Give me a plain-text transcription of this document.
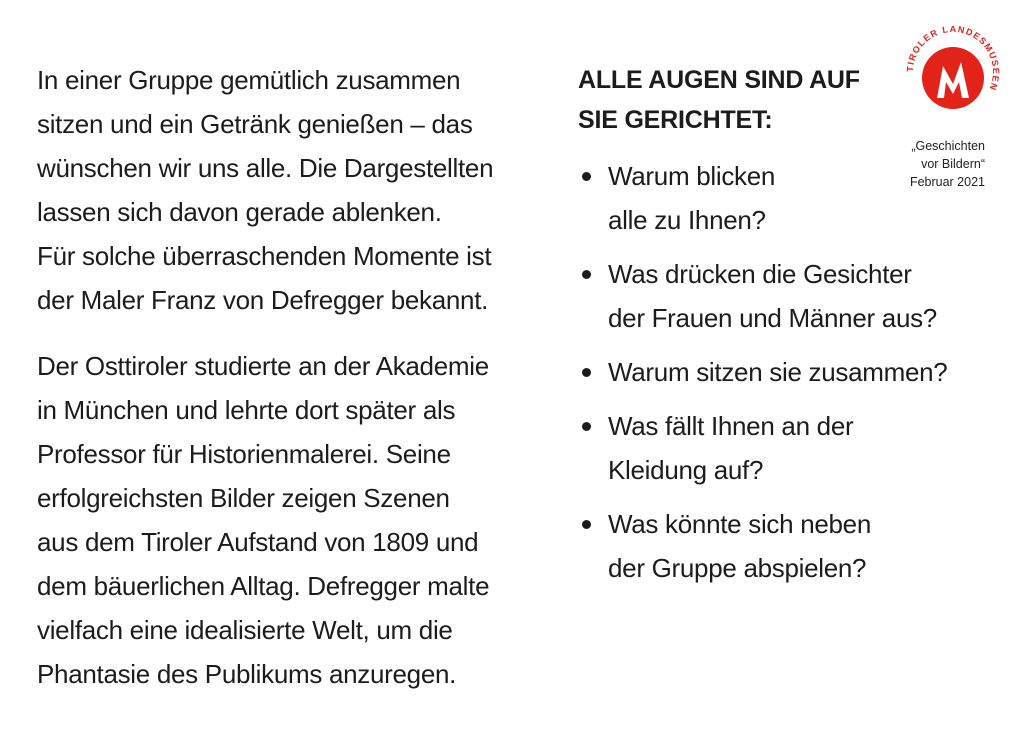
In einer Gruppe gemütlich zusammen
sitzen und ein Getränk genießen – das
wünschen wir uns alle. Die Dargestellten
lassen sich davon gerade ablenken.
Für solche überraschenden Momente ist
der Maler Franz von Defregger bekannt.

Der Osttiroler studierte an der Akademie
in München und lehrte dort später als
Professor für Historienmalerei. Seine
erfolgreichsten Bilder zeigen Szenen
aus dem Tiroler Aufstand von 1809 und
dem bäuerlichen Alltag. Defregger malte
vielfach eine idealisierte Welt, um die
Phantasie des Publikums anzuregen.

ALLE AUGEN SIND AUF
SIE GERICHTET:
Warum blicken
alle zu Ihnen?
Was drücken die Gesichter
der Frauen und Männer aus?
Warum sitzen sie zusammen?
Was fällt Ihnen an der
Kleidung auf?
Was könnte sich neben
der Gruppe abspielen?
TIROLER LANDESMUSEEN
„Geschichten
vor Bildern“
Februar 2021
